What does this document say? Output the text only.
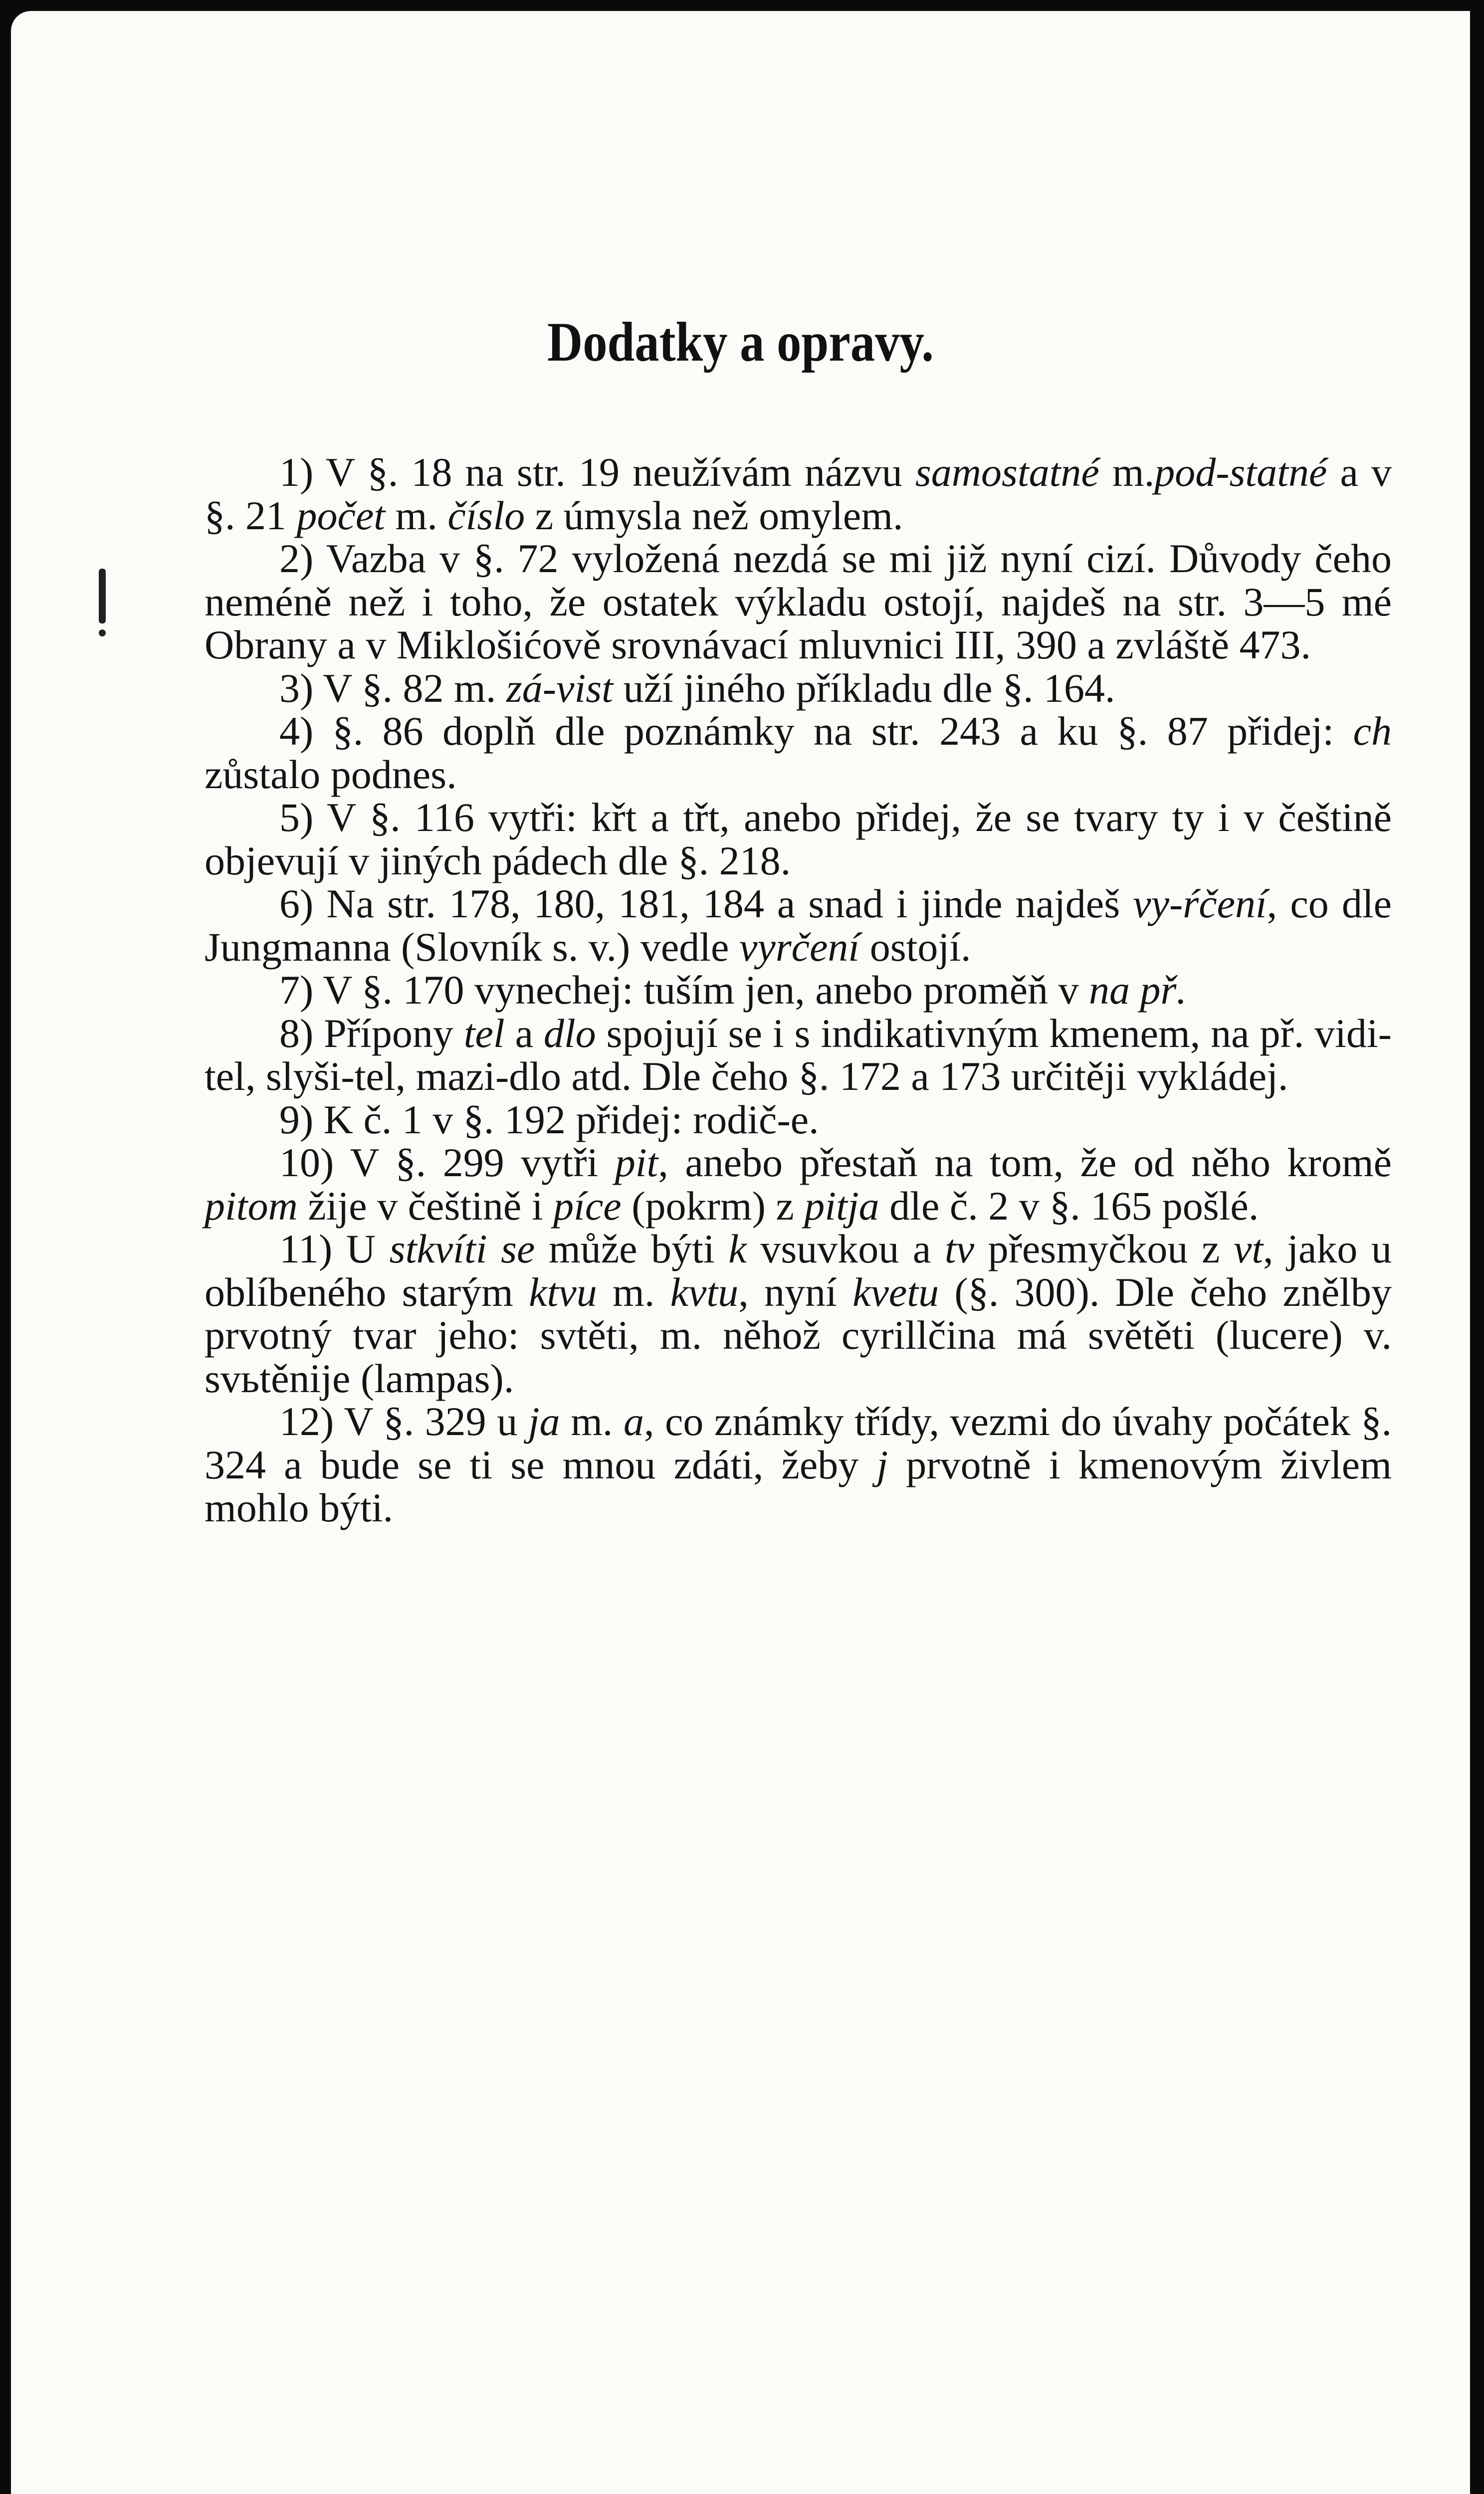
Dodatky a opravy.

1) V §. 18 na str. 19 neužívám názvu samostatné m.pod-statné a v §. 21 počet m. číslo z úmysla než omylem.

2) Vazba v §. 72 vyložená nezdá se mi již nyní cizí. Důvody čeho neméně než i toho, že ostatek výkladu ostojí, najdeš na str. 3—5 mé Obrany a v Miklošićově srovnávací mluvnici III, 390 a zvláště 473.

3) V §. 82 m. zá-vist uží jiného příkladu dle §. 164.

4) §. 86 doplň dle poznámky na str. 243 a ku §. 87 přidej: ch zůstalo podnes.

5) V §. 116 vytři: křt a třt, anebo přidej, že se tvary ty i v češtině objevují v jiných pádech dle §. 218.

6) Na str. 178, 180, 181, 184 a snad i jinde najdeš vy-ŕčení, co dle Jungmanna (Slovník s. v.) vedle vyrčení ostojí.

7) V §. 170 vynechej: tuším jen, anebo proměň v na př.

8) Přípony tel a dlo spojují se i s indikativným kmenem, na př. vidi-tel, slyši-tel, mazi-dlo atd. Dle čeho §. 172 a 173 určitěji vykládej.

9) K č. 1 v §. 192 přidej: rodič-e.

10) V §. 299 vytři pit, anebo přestaň na tom, že od něho kromě pitom žije v češtině i píce (pokrm) z pitja dle č. 2 v §. 165 pošlé.

11) U stkvíti se může býti k vsuvkou a tv přesmyčkou z vt, jako u oblíbeného starým ktvu m. kvtu, nyní kvetu (§. 300). Dle čeho znělby prvotný tvar jeho: svtěti, m. něhož cyrillčina má světěti (lucere) v. svьtěnije (lampas).

12) V §. 329 u ja m. a, co známky třídy, vezmi do úvahy počátek §. 324 a bude se ti se mnou zdáti, žeby j prvotně i kmenovým živlem mohlo býti.
